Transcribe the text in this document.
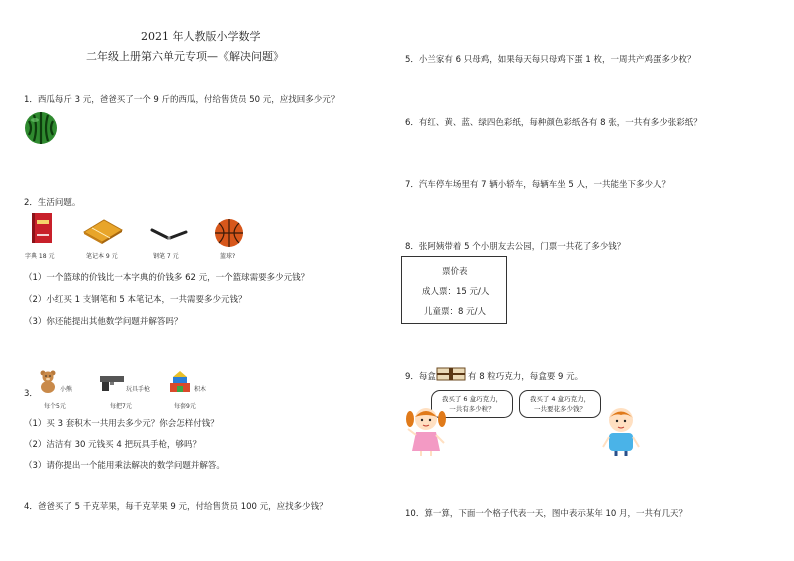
2021 年人教版小学数学
二年级上册第六单元专项—《解决问题》
1．西瓜每斤 3 元，爸爸买了一个 9 斤的西瓜，付给售货员 50 元，应找回多少元？
2．生活问题。
字典 18 元	笔记本 9 元	钢笔 7 元	篮球?
（1）一个篮球的价钱比一本字典的价钱多 62 元，一个篮球需要多少元钱？
（2）小红买 1 支钢笔和 5 本笔记本，一共需要多少元钱？
（3）你还能提出其他数学问题并解答吗？
3．	小熊
每个5元
玩具手枪
每把7元
积木
每套9元
（1）买 3 套积木一共用去多少元？你会怎样付钱？
（2）洁洁有 30 元钱买 4 把玩具手枪，够吗？
（3）请你提出一个能用乘法解决的数学问题并解答。
4．爸爸买了 5 千克苹果，每千克苹果 9 元，付给售货员 100 元，应找多少钱？
5．小兰家有 6 只母鸡，如果每天每只母鸡下蛋 1 枚，一周共产鸡蛋多少枚？
6．有红、黄、蓝、绿四色彩纸，每种颜色彩纸各有 8 张，一共有多少张彩纸？
7．汽车停车场里有 7 辆小轿车，每辆车坐 5 人，一共能坐下多少人？
8．张阿姨带着 5 个小朋友去公园，门票一共花了多少钱？
票价表
成人票：15 元/人
儿童票：8 元/人
9．每盒	有 8 粒巧克力，每盒要 9 元。
我买了 6 盒巧克力，
一共有多少粒？
我买了 4 盒巧克力，
一共要花多少钱？
10．算一算，下面一个格子代表一天，图中表示某年 10 月，一共有几天？
